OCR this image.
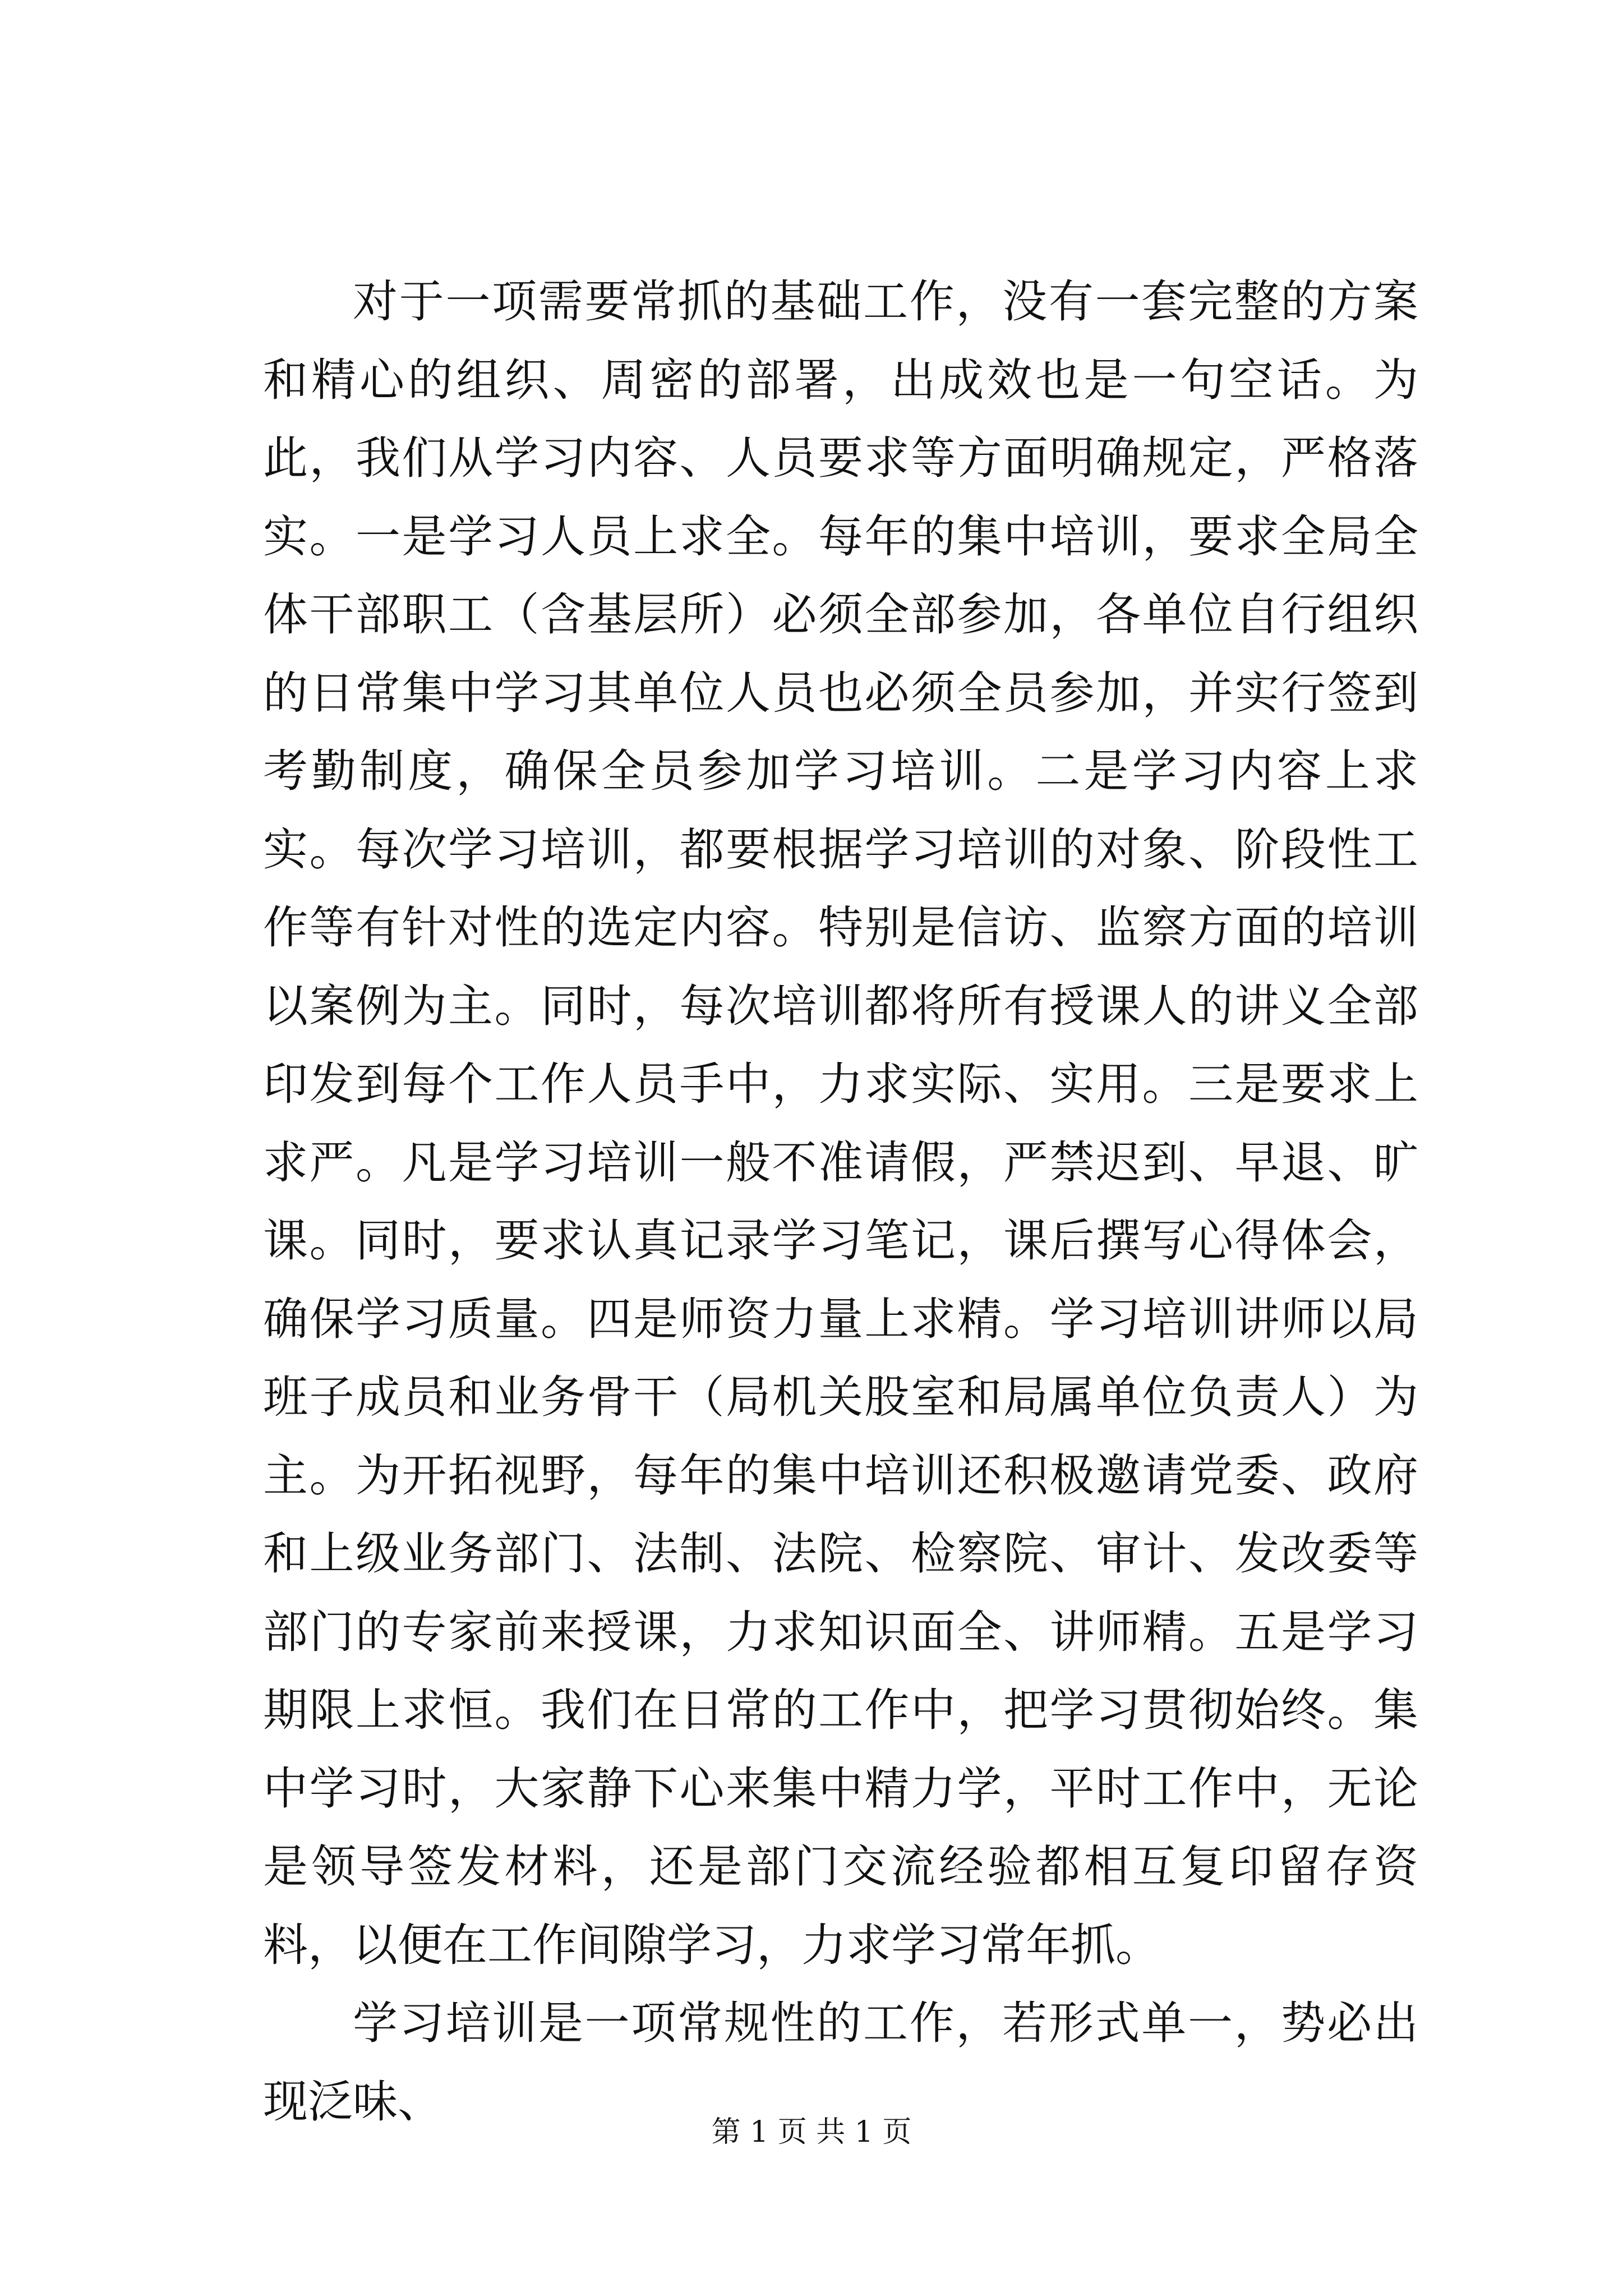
对于一项需要常抓的基础工作，没有一套完整的方案和精心的组织、周密的部署，出成效也是一句空话。为此，我们从学习内容、人员要求等方面明确规定，严格落实。一是学习人员上求全。每年的集中培训，要求全局全体干部职工（含基层所）必须全部参加，各单位自行组织的日常集中学习其单位人员也必须全员参加，并实行签到考勤制度，确保全员参加学习培训。二是学习内容上求实。每次学习培训，都要根据学习培训的对象、阶段性工作等有针对性的选定内容。特别是信访、监察方面的培训以案例为主。同时，每次培训都将所有授课人的讲义全部印发到每个工作人员手中，力求实际、实用。三是要求上求严。凡是学习培训一般不准请假，严禁迟到、早退、旷课。同时，要求认真记录学习笔记，课后撰写心得体会，确保学习质量。四是师资力量上求精。学习培训讲师以局班子成员和业务骨干（局机关股室和局属单位负责人）为主。为开拓视野，每年的集中培训还积极邀请党委、政府和上级业务部门、法制、法院、检察院、审计、发改委等部门的专家前来授课，力求知识面全、讲师精。五是学习期限上求恒。我们在日常的工作中，把学习贯彻始终。集中学习时，大家静下心来集中精力学，平时工作中，无论是领导签发材料，还是部门交流经验都相互复印留存资料，以便在工作间隙学习，力求学习常年抓。

学习培训是一项常规性的工作，若形式单一，势必出现泛味、

第 1 页 共 1 页
